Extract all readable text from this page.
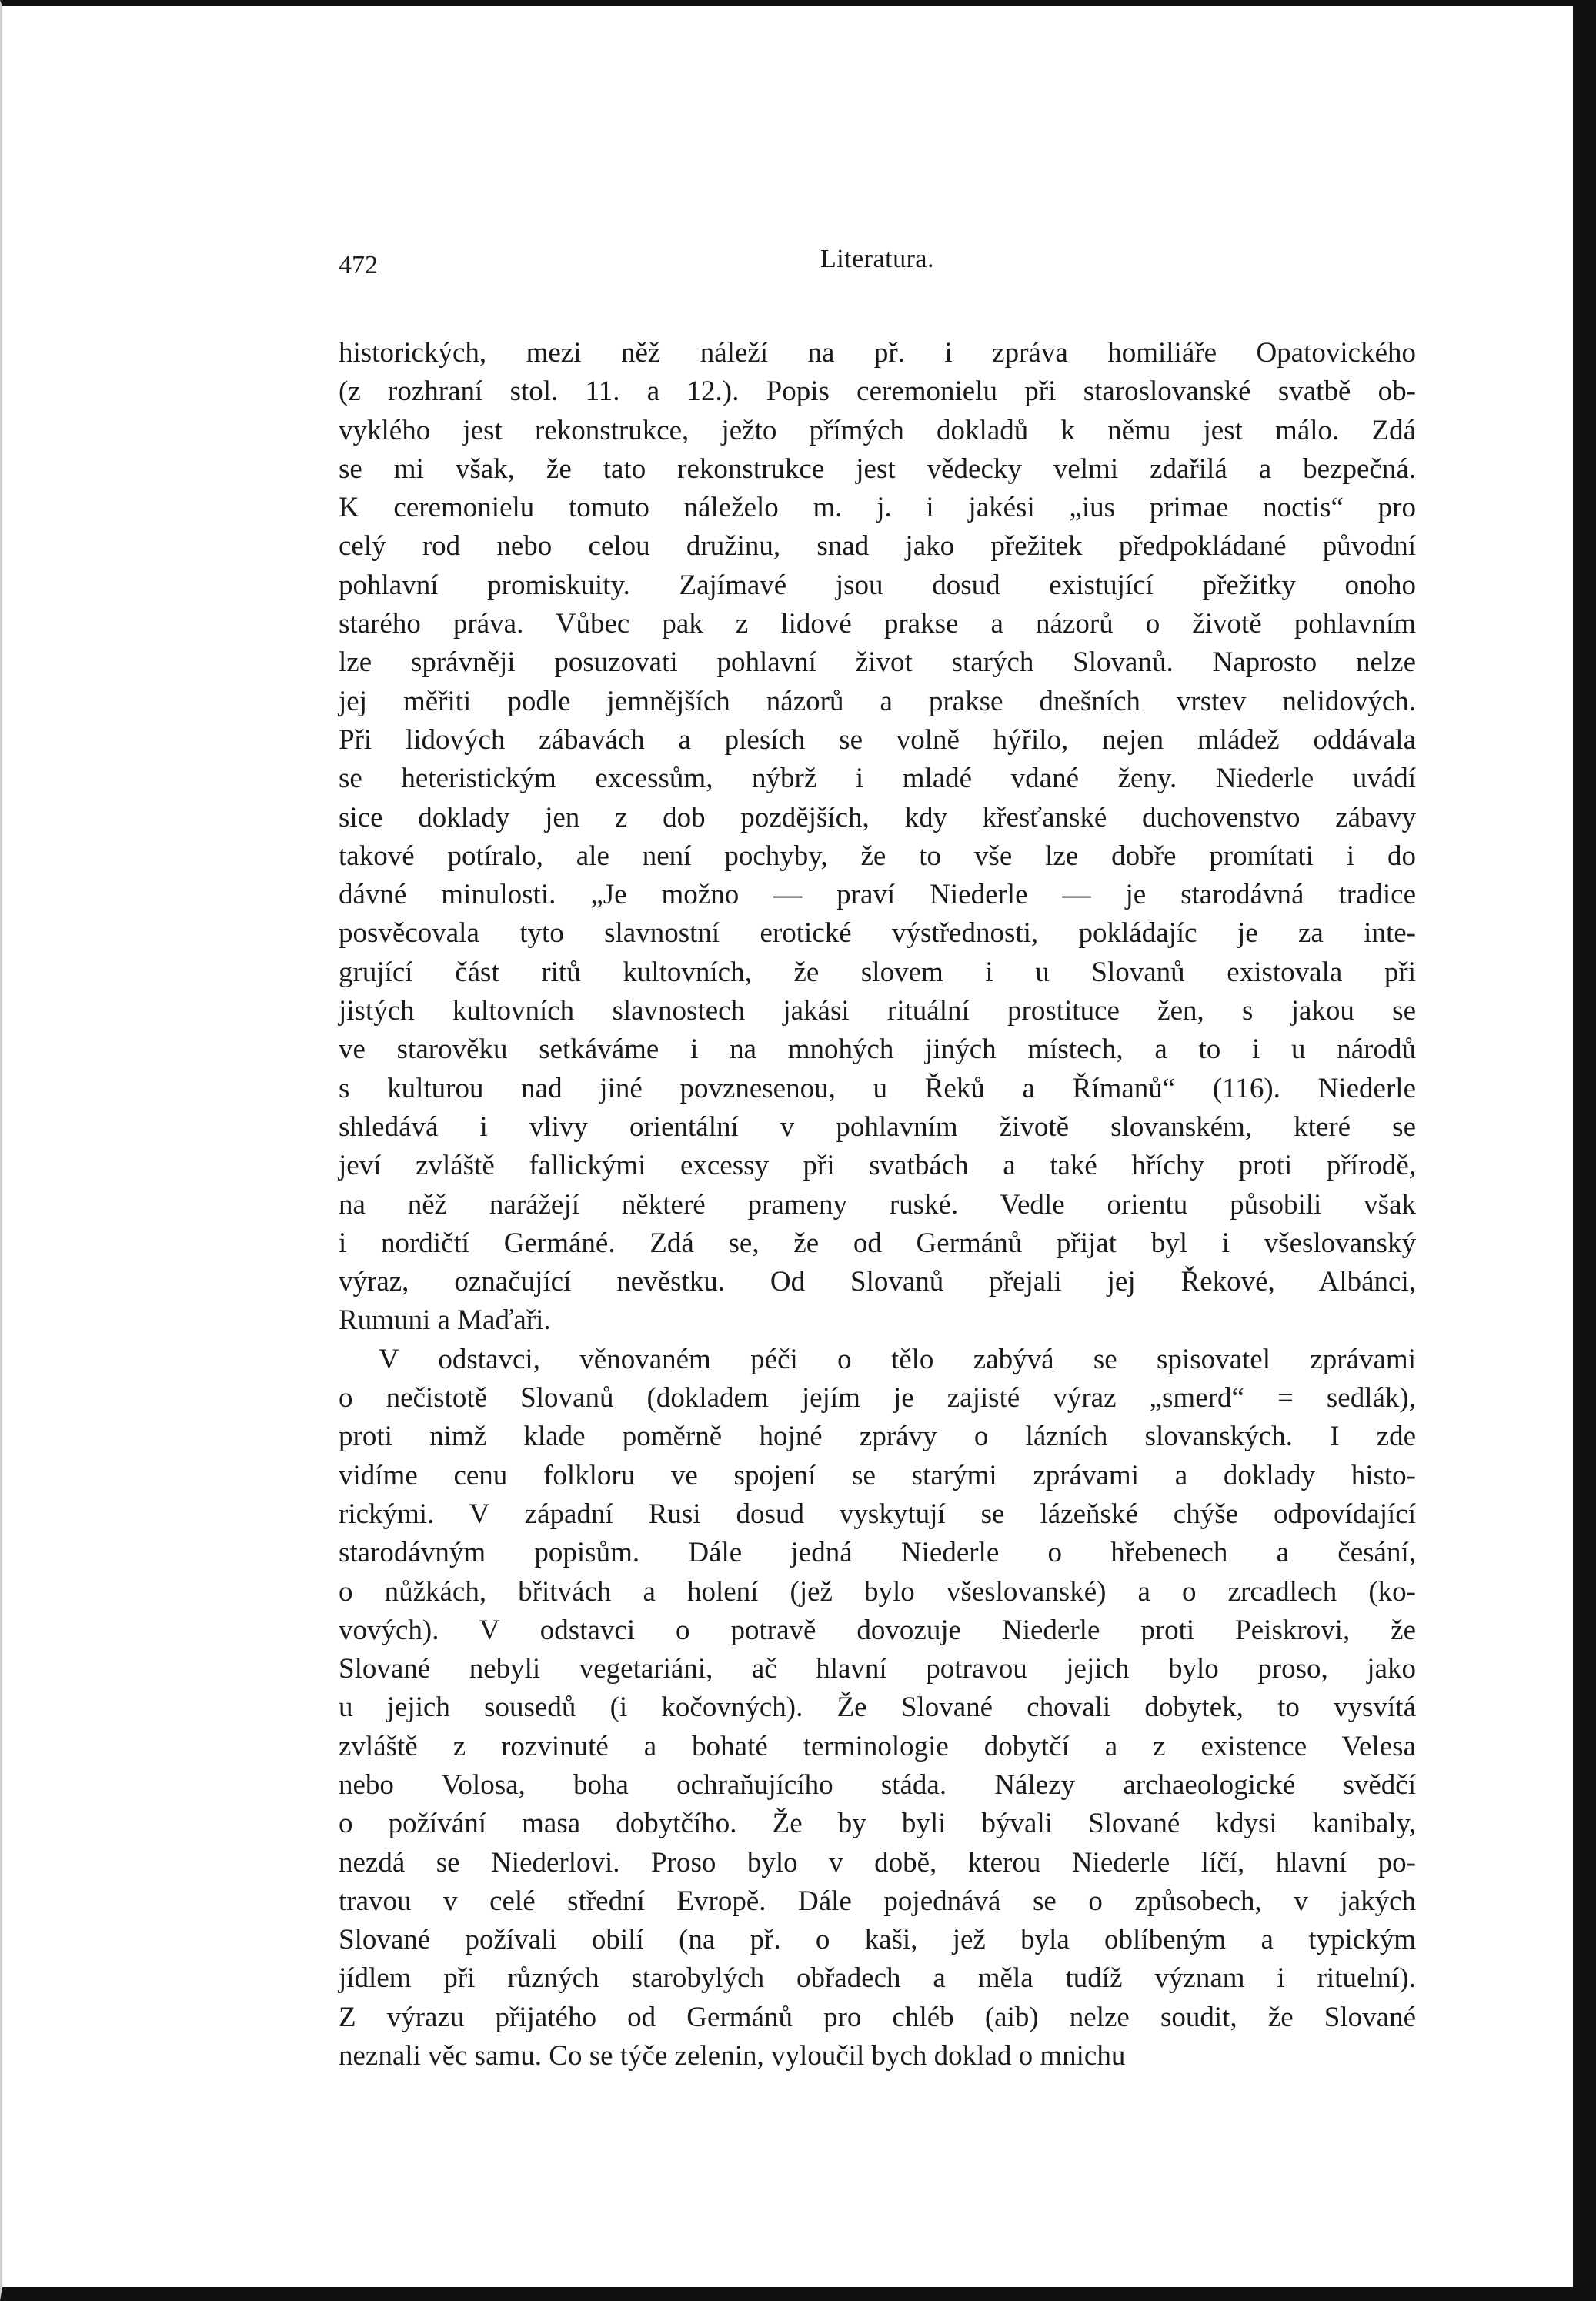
472	Literatura.
historických, mezi něž náleží na př. i zpráva homiliáře Opatovického
(z rozhraní stol. 11. a 12.). Popis ceremonielu při staroslovanské svatbě ob-
vyklého jest rekonstrukce, ježto přímých dokladů k němu jest málo. Zdá
se mi však, že tato rekonstrukce jest vědecky velmi zdařilá a bezpečná.
K ceremonielu tomuto náleželo m. j. i jakési „ius primae noctis“ pro
celý rod nebo celou družinu, snad jako přežitek předpokládané původní
pohlavní promiskuity. Zajímavé jsou dosud existující přežitky onoho
starého práva. Vůbec pak z lidové prakse a názorů o životě pohlavním
lze správněji posuzovati pohlavní život starých Slovanů. Naprosto nelze
jej měřiti podle jemnějších názorů a prakse dnešních vrstev nelidových.
Při lidových zábavách a plesích se volně hýřilo, nejen mládež oddávala
se heteristickým excessům, nýbrž i mladé vdané ženy. Niederle uvádí
sice doklady jen z dob pozdějších, kdy křesťanské duchovenstvo zábavy
takové potíralo, ale není pochyby, že to vše lze dobře promítati i do
dávné minulosti. „Je možno — praví Niederle — je starodávná tradice
posvěcovala tyto slavnostní erotické výstřednosti, pokládajíc je za inte-
grující část ritů kultovních, že slovem i u Slovanů existovala při
jistých kultovních slavnostech jakási rituální prostituce žen, s jakou se
ve starověku setkáváme i na mnohých jiných místech, a to i u národů
s kulturou nad jiné povznesenou, u Řeků a Římanů“ (116). Niederle
shledává i vlivy orientální v pohlavním životě slovanském, které se
jeví zvláště fallickými excessy při svatbách a také hříchy proti přírodě,
na něž narážejí některé prameny ruské. Vedle orientu působili však
i nordičtí Germáné. Zdá se, že od Germánů přijat byl i všeslovanský
výraz, označující nevěstku. Od Slovanů přejali jej Řekové, Albánci,
Rumuni a Maďaři.
V odstavci, věnovaném péči o tělo zabývá se spisovatel zprávami
o nečistotě Slovanů (dokladem jejím je zajisté výraz „smerd“ = sedlák),
proti nimž klade poměrně hojné zprávy o lázních slovanských. I zde
vidíme cenu folkloru ve spojení se starými zprávami a doklady histo-
rickými. V západní Rusi dosud vyskytují se lázeňské chýše odpovídající
starodávným popisům. Dále jedná Niederle o hřebenech a česání,
o nůžkách, břitvách a holení (jež bylo všeslovanské) a o zrcadlech (ko-
vových). V odstavci o potravě dovozuje Niederle proti Peiskrovi, že
Slované nebyli vegetariáni, ač hlavní potravou jejich bylo proso, jako
u jejich sousedů (i kočovných). Že Slované chovali dobytek, to vysvítá
zvláště z rozvinuté a bohaté terminologie dobytčí a z existence Velesa
nebo Volosa, boha ochraňujícího stáda. Nálezy archaeologické svědčí
o požívání masa dobytčího. Že by byli bývali Slované kdysi kanibaly,
nezdá se Niederlovi. Proso bylo v době, kterou Niederle líčí, hlavní po-
travou v celé střední Evropě. Dále pojednává se o způsobech, v jakých
Slované požívali obilí (na př. o kaši, jež byla oblíbeným a typickým
jídlem při různých starobylých obřadech a měla tudíž význam i rituelní).
Z výrazu přijatého od Germánů pro chléb (aib) nelze soudit, že Slované
neznali věc samu. Co se týče zelenin, vyloučil bych doklad o mnichu
